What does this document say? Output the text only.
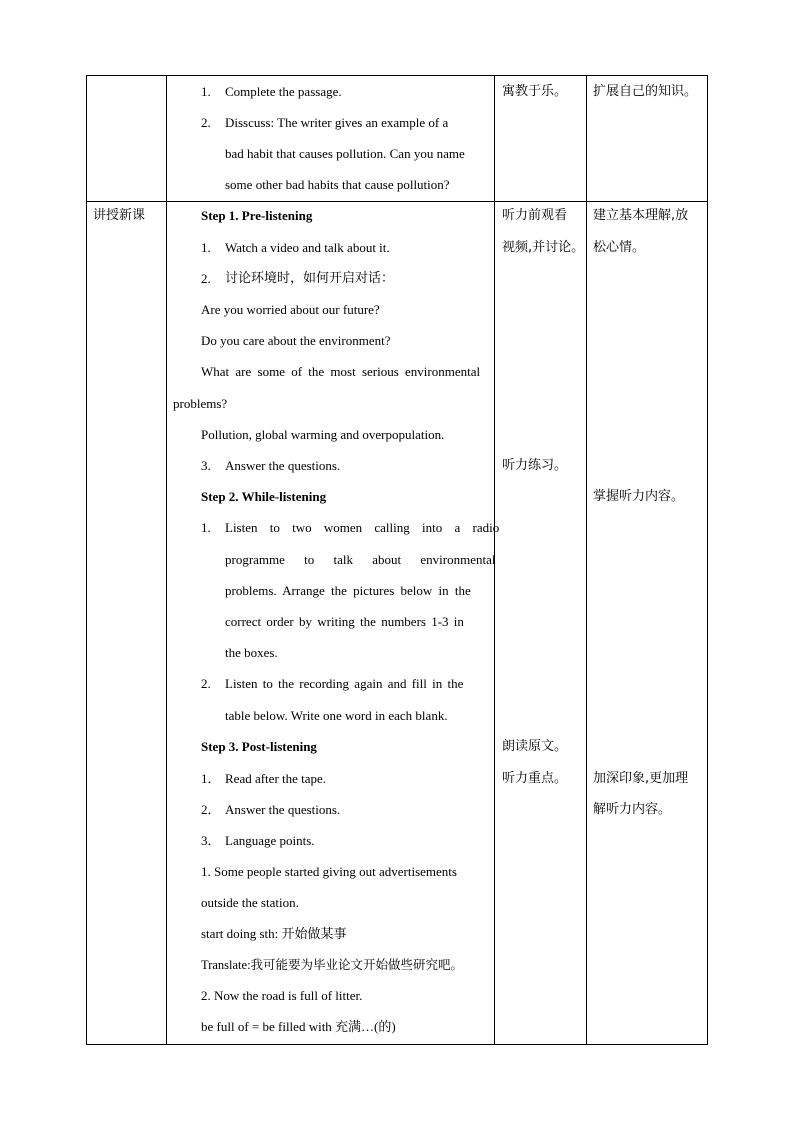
1. Complete the passage.
2. Disscuss: The writer gives an example of a
bad habit that causes pollution. Can you name
some other bad habits that cause pollution?
寓教于乐。 扩展自己的知识。
讲授新课	Step 1. Pre-listening
1. Watch a video and talk about it.
2. 讨论环境时，如何开启对话：
Are you worried about our future?
Do you care about the environment?
What are some of the most serious environmental
problems?
Pollution, global warming and overpopulation.
3. Answer the questions.
Step 2. While-listening
1. Listen to two women calling into a radio
programme to talk about environmental
problems. Arrange the pictures below in the
correct order by writing the numbers 1-3 in
the boxes.
2. Listen to the recording again and fill in the
table below. Write one word in each blank.
Step 3. Post-listening
1． Read after the tape.
2． Answer the questions.
3． Language points.
1. Some people started giving out advertisements
outside the station.
start doing sth: 开始做某事
Translate:我可能要为毕业论文开始做些研究吧。
2. Now the road is full of litter.
be full of = be filled with 充满…(的)
听力前观看
视频,并讨论。
听力练习。
朗读原文。
听力重点。
建立基本理解,放
松心情。
掌握听力内容。
加深印象,更加理
解听力内容。
